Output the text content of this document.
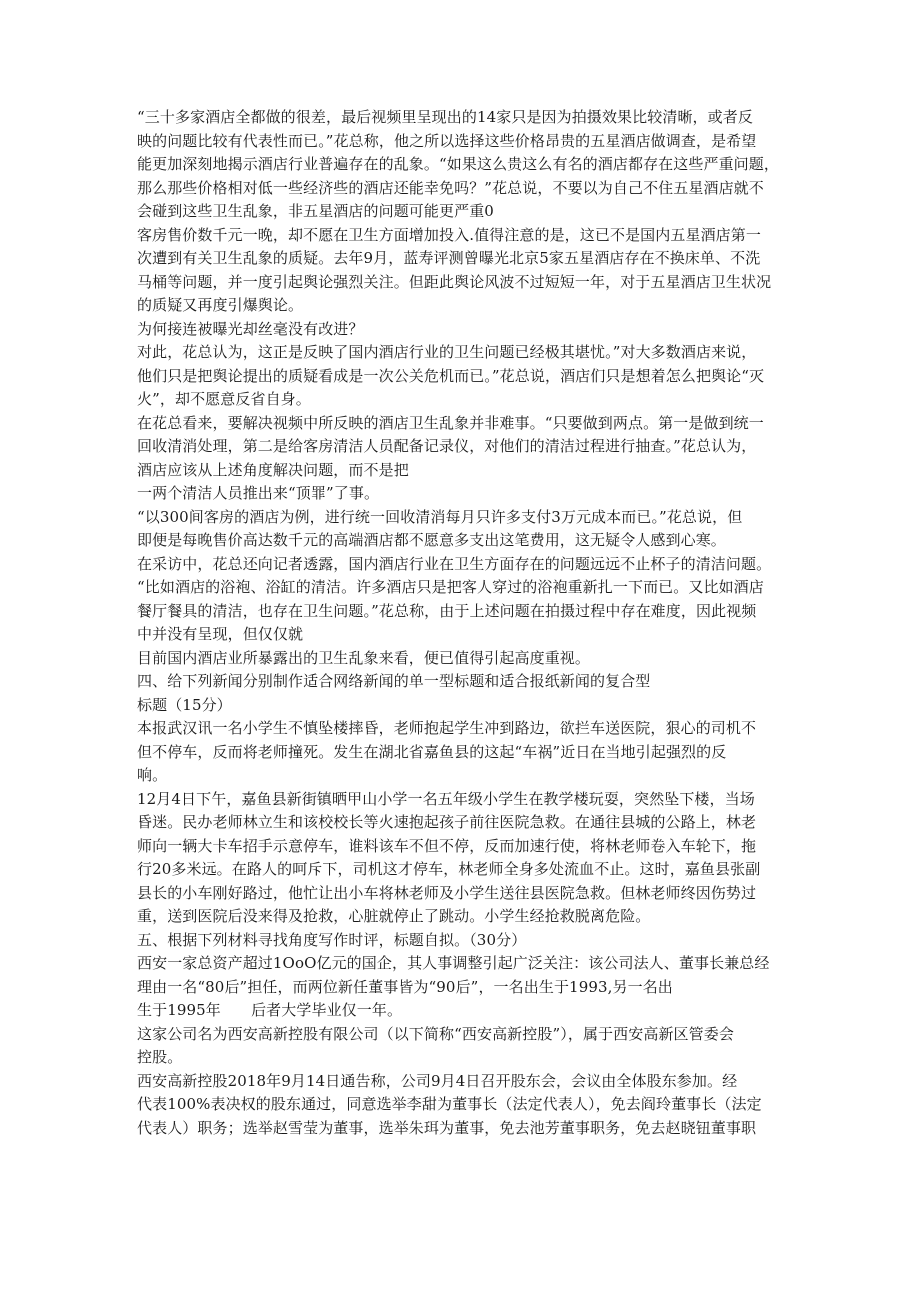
“三十多家酒店全都做的很差，最后视频里呈现出的14家只是因为拍摄效果比较清晰，或者反

映的问题比较有代表性而已。”花总称，他之所以选择这些价格昂贵的五星酒店做调查，是希望

能更加深刻地揭示酒店行业普遍存在的乱象。“如果这么贵这么有名的酒店都存在这些严重问题，

那么那些价格相对低一些经济些的酒店还能幸免吗？”花总说，不要以为自己不住五星酒店就不

会碰到这些卫生乱象，非五星酒店的问题可能更严重0

客房售价数千元一晚，却不愿在卫生方面增加投入.值得注意的是，这已不是国内五星酒店第一

次遭到有关卫生乱象的质疑。去年9月，蓝寿评测曾曝光北京5家五星酒店存在不换床单、不洗

马桶等问题，并一度引起舆论强烈关注。但距此舆论风波不过短短一年，对于五星酒店卫生状况

的质疑又再度引爆舆论。

为何接连被曝光却丝毫没有改进？

对此，花总认为，这正是反映了国内酒店行业的卫生问题已经极其堪忧。”对大多数酒店来说，

他们只是把舆论提出的质疑看成是一次公关危机而已。”花总说，酒店们只是想着怎么把舆论“灭

火”，却不愿意反省自身。

在花总看来，要解决视频中所反映的酒店卫生乱象并非难事。“只要做到两点。第一是做到统一

回收清消处理，第二是给客房清洁人员配备记录仪，对他们的清洁过程进行抽查。”花总认为，

酒店应该从上述角度解决问题，而不是把

一两个清洁人员推出来“顶罪”了事。

“以300间客房的酒店为例，进行统一回收清消每月只许多支付3万元成本而已。”花总说，但

即便是每晚售价高达数千元的高端酒店都不愿意多支出这笔费用，这无疑令人感到心寒。

在采访中，花总还向记者透露，国内酒店行业在卫生方面存在的问题远远不止杯子的清洁问题。

“比如酒店的浴袍、浴缸的清洁。许多酒店只是把客人穿过的浴袍重新扎一下而已。又比如酒店

餐厅餐具的清洁，也存在卫生问题。”花总称，由于上述问题在拍摄过程中存在难度，因此视频

中并没有呈现，但仅仅就

目前国内酒店业所暴露出的卫生乱象来看，便已值得引起高度重视。

四、给下列新闻分别制作适合网络新闻的单一型标题和适合报纸新闻的复合型

标题（15分）

本报武汉讯一名小学生不慎坠楼摔昏，老师抱起学生冲到路边，欲拦车送医院，狠心的司机不

但不停车，反而将老师撞死。发生在湖北省嘉鱼县的这起“车祸”近日在当地引起强烈的反

响。

12月4日下午，嘉鱼县新街镇晒甲山小学一名五年级小学生在教学楼玩耍，突然坠下楼，当场

昏迷。民办老师林立生和该校校长等火速抱起孩子前往医院急救。在通往县城的公路上，林老

师向一辆大卡车招手示意停车，谁料该车不但不停，反而加速行使，将林老师卷入车轮下，拖

行20多米远。在路人的呵斥下，司机这才停车，林老师全身多处流血不止。这时，嘉鱼县张副

县长的小车刚好路过，他忙让出小车将林老师及小学生送往县医院急救。但林老师终因伤势过

重，送到医院后没来得及抢救，心脏就停止了跳动。小学生经抢救脱离危险。

五、根据下列材料寻找角度写作时评，标题自拟。（30分）

西安一家总资产超过1OoO亿元的国企，其人事调整引起广泛关注：该公司法人、董事长兼总经

理由一名“80后”担任，而两位新任董事皆为“90后”，一名出生于1993,另一名出

生于1995年　　后者大学毕业仅一年。

这家公司名为西安高新控股有限公司（以下简称“西安高新控股”），属于西安高新区管委会

控股。

西安高新控股2018年9月14日通告称，公司9月4日召开股东会，会议由全体股东参加。经

代表100%表决权的股东通过，同意选举李甜为董事长（法定代表人），免去阎玲董事长（法定

代表人）职务；选举赵雪莹为董事，选举朱珥为董事，免去池芳董事职务，免去赵晓钮董事职
